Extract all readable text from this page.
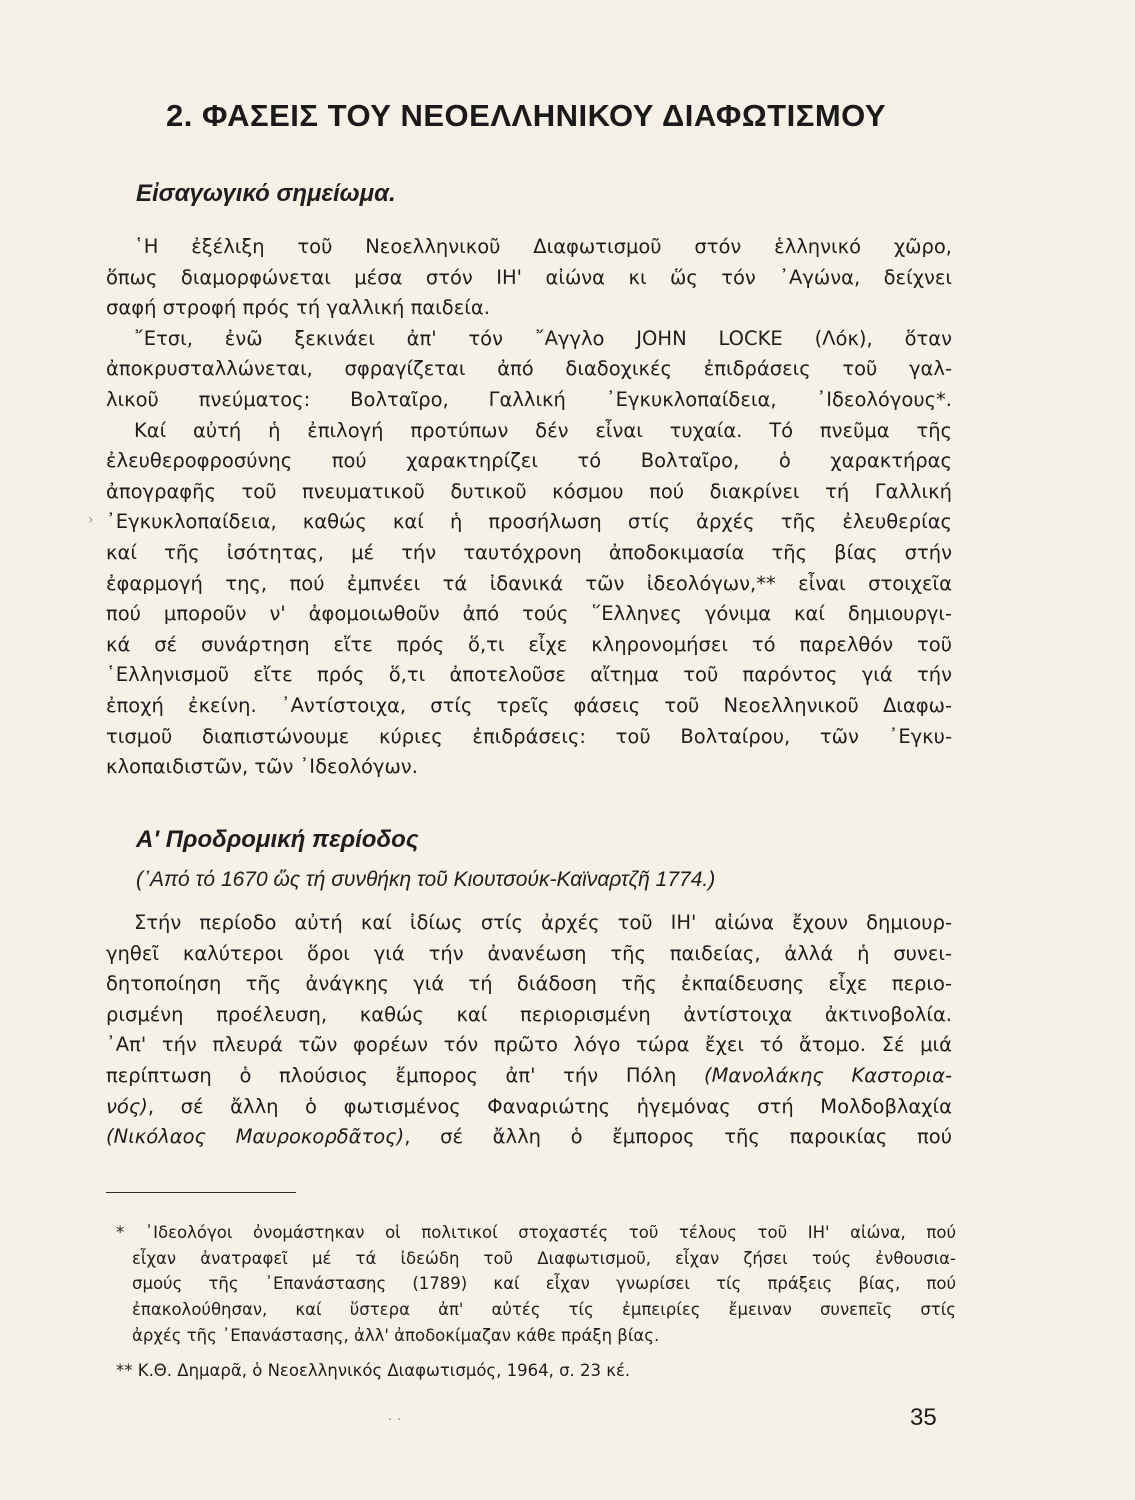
2. ΦΑΣΕΙΣ ΤΟΥ ΝΕΟΕΛΛΗΝΙΚΟΥ ΔΙΑΦΩΤΙΣΜΟΥ
Εἰσαγωγικό σημείωμα.
῾Η ἐξέλιξη τοῦ Νεοελληνικοῦ Διαφωτισμοῦ στόν ἑλληνικό χῶρο,
ὅπως διαμορφώνεται μέσα στόν ΙΗ' αἰώνα κι ὥς τόν ᾿Αγώνα, δείχνει
σαφή στροφή πρός τή γαλλική παιδεία.
῎Ετσι, ἐνῶ ξεκινάει ἀπ' τόν ῎Αγγλο JOHN LOCKE (Λόκ), ὅταν
ἀποκρυσταλλώνεται, σφραγίζεται ἀπό διαδοχικές ἐπιδράσεις τοῦ γαλ-
λικοῦ πνεύματος: Βολταῖρο, Γαλλική ᾿Εγκυκλοπαίδεια, ᾿Ιδεολόγους*.
Καί αὐτή ἡ ἐπιλογή προτύπων δέν εἶναι τυχαία. Τό πνεῦμα τῆς
ἐλευθεροφροσύνης πού χαρακτηρίζει τό Βολταῖρο, ὁ χαρακτήρας
ἀπογραφῆς τοῦ πνευματικοῦ δυτικοῦ κόσμου πού διακρίνει τή Γαλλική
᾿Εγκυκλοπαίδεια, καθώς καί ἡ προσήλωση στίς ἀρχές τῆς ἐλευθερίας
καί τῆς ἰσότητας, μέ τήν ταυτόχρονη ἀποδοκιμασία τῆς βίας στήν
ἐφαρμογή της, πού ἐμπνέει τά ἰδανικά τῶν ἰδεολόγων,** εἶναι στοιχεῖα
πού μποροῦν ν' ἀφομοιωθοῦν ἀπό τούς ῞Ελληνες γόνιμα καί δημιουργι-
κά σέ συνάρτηση εἴτε πρός ὅ,τι εἶχε κληρονομήσει τό παρελθόν τοῦ
῾Ελληνισμοῦ εἴτε πρός ὅ,τι ἀποτελοῦσε αἴτημα τοῦ παρόντος γιά τήν
ἐποχή ἐκείνη. ᾿Αντίστοιχα, στίς τρεῖς φάσεις τοῦ Νεοελληνικοῦ Διαφω-
τισμοῦ διαπιστώνουμε κύριες ἐπιδράσεις: τοῦ Βολταίρου, τῶν ᾿Εγκυ-
κλοπαιδιστῶν, τῶν ᾿Ιδεολόγων.
Α' Προδρομική περίοδος
(᾿Από τό 1670 ὥς τή συνθήκη τοῦ Κιουτσούκ-Καϊναρτζῆ 1774.)
Στήν περίοδο αὐτή καί ἰδίως στίς ἀρχές τοῦ ΙΗ' αἰώνα ἔχουν δημιουρ-
γηθεῖ καλύτεροι ὅροι γιά τήν ἀνανέωση τῆς παιδείας, ἀλλά ἡ συνει-
δητοποίηση τῆς ἀνάγκης γιά τή διάδοση τῆς ἐκπαίδευσης εἶχε περιο-
ρισμένη προέλευση, καθώς καί περιορισμένη ἀντίστοιχα ἀκτινοβολία.
᾿Απ' τήν πλευρά τῶν φορέων τόν πρῶτο λόγο τώρα ἔχει τό ἄτομο. Σέ μιά
περίπτωση ὁ πλούσιος ἔμπορος ἀπ' τήν Πόλη (Μανολάκης Καστορια-
νός), σέ ἄλλη ὁ φωτισμένος Φαναριώτης ἡγεμόνας στή Μολδοβλαχία
(Νικόλαος Μαυροκορδᾶτος), σέ ἄλλη ὁ ἔμπορος τῆς παροικίας πού
* ᾿Ιδεολόγοι ὀνομάστηκαν οἱ πολιτικοί στοχαστές τοῦ τέλους τοῦ ΙΗ' αἰώνα, πού
εἶχαν ἀνατραφεῖ μέ τά ἰδεώδη τοῦ Διαφωτισμοῦ, εἶχαν ζήσει τούς ἐνθουσια-
σμούς τῆς ᾿Επανάστασης (1789) καί εἶχαν γνωρίσει τίς πράξεις βίας, πού
ἐπακολούθησαν, καί ὕστερα ἀπ' αὐτές τίς ἐμπειρίες ἔμειναν συνεπεῖς στίς
ἀρχές τῆς ᾿Επανάστασης, ἀλλ' ἀποδοκίμαζαν κάθε πράξη βίας.
** Κ.Θ. Δημαρᾶ, ὁ Νεοελληνικός Διαφωτισμός, 1964, σ. 23 κέ.
›
· ·	35
